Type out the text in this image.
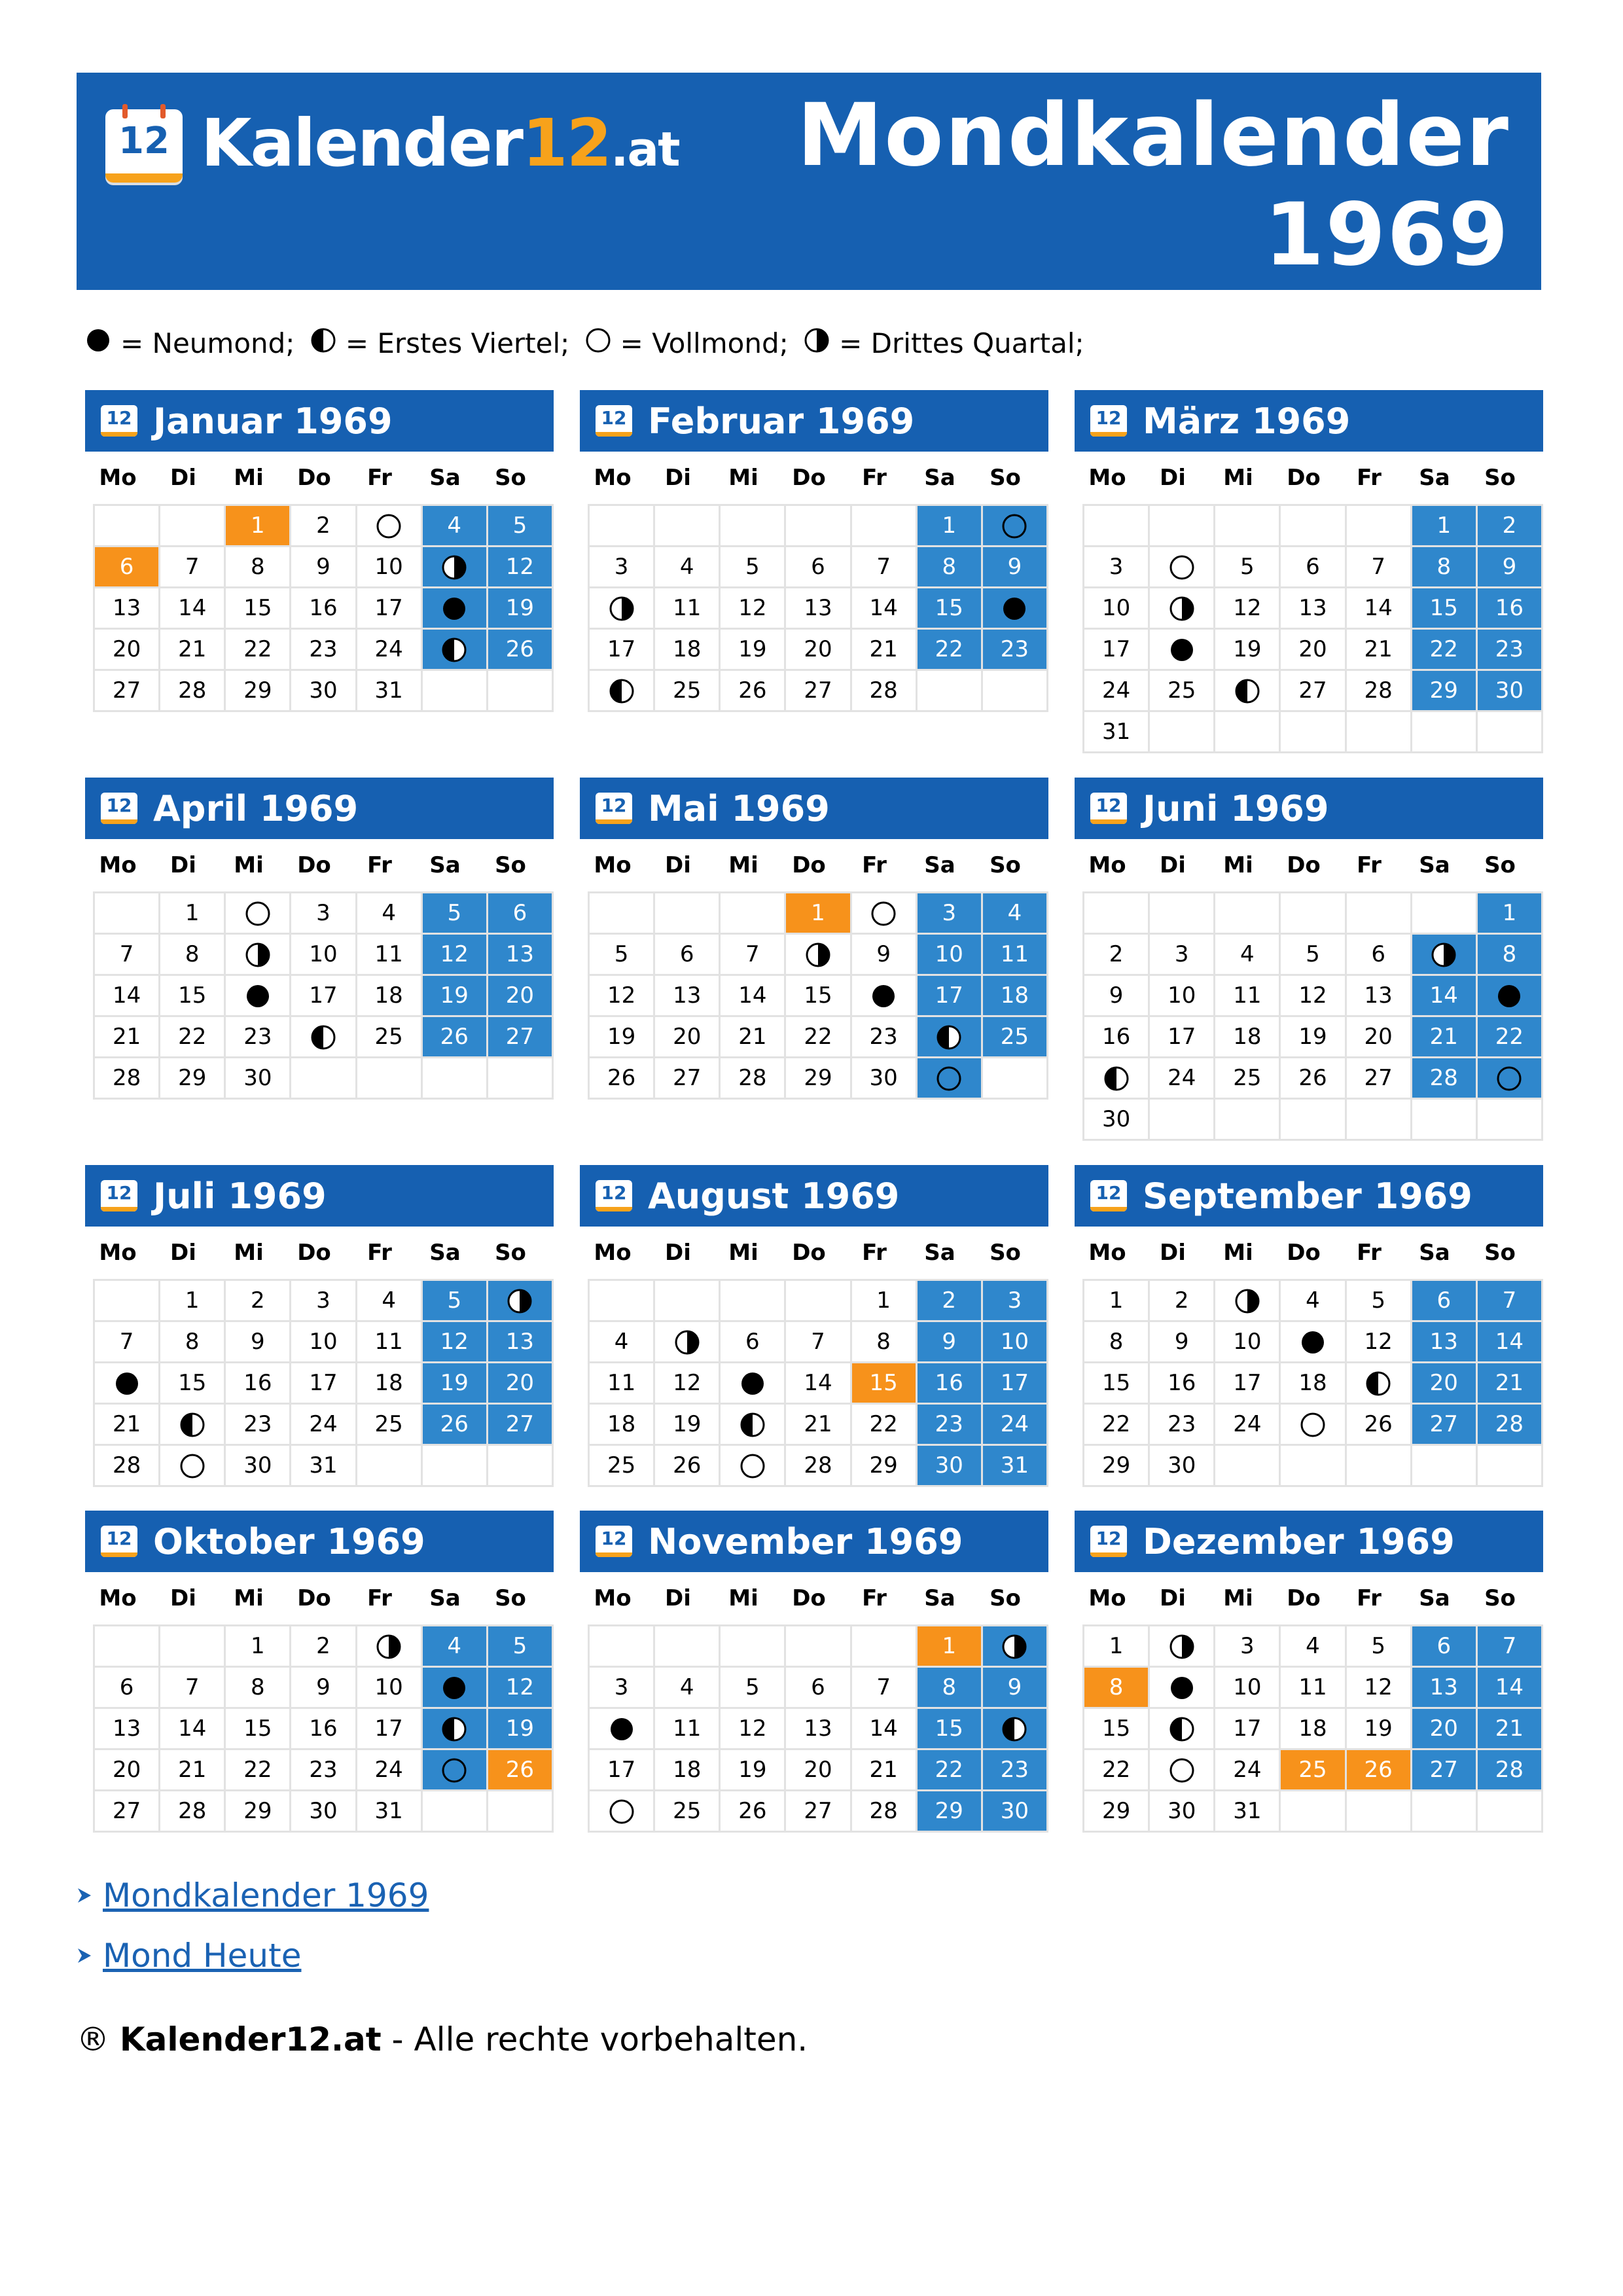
12 Kalender12.at Mondkalender
1969
= Neumond; = Erstes Viertel; = Vollmond; = Drittes Quartal;
12 Januar 1969
Mo	Di	Mi	Do	Fr	Sa	So
		1	2		4	5
6	7	8	9	10		12
13	14	15	16	17		19
20	21	22	23	24		26
27	28	29	30	31		
12 Februar 1969
Mo	Di	Mi	Do	Fr	Sa	So
					1	
3	4	5	6	7	8	9
	11	12	13	14	15	
17	18	19	20	21	22	23
	25	26	27	28		
12 März 1969
Mo	Di	Mi	Do	Fr	Sa	So
					1	2
3		5	6	7	8	9
10		12	13	14	15	16
17		19	20	21	22	23
24	25		27	28	29	30
31						
12 April 1969
Mo	Di	Mi	Do	Fr	Sa	So
	1		3	4	5	6
7	8		10	11	12	13
14	15		17	18	19	20
21	22	23		25	26	27
28	29	30				
12 Mai 1969
Mo	Di	Mi	Do	Fr	Sa	So
			1		3	4
5	6	7		9	10	11
12	13	14	15		17	18
19	20	21	22	23		25
26	27	28	29	30		
12 Juni 1969
Mo	Di	Mi	Do	Fr	Sa	So
						1
2	3	4	5	6		8
9	10	11	12	13	14	
16	17	18	19	20	21	22
	24	25	26	27	28	
30						
12 Juli 1969
Mo	Di	Mi	Do	Fr	Sa	So
	1	2	3	4	5	
7	8	9	10	11	12	13
	15	16	17	18	19	20
21		23	24	25	26	27
28		30	31			
12 August 1969
Mo	Di	Mi	Do	Fr	Sa	So
				1	2	3
4		6	7	8	9	10
11	12		14	15	16	17
18	19		21	22	23	24
25	26		28	29	30	31
12 September 1969
Mo	Di	Mi	Do	Fr	Sa	So
1	2		4	5	6	7
8	9	10		12	13	14
15	16	17	18		20	21
22	23	24		26	27	28
29	30					
12 Oktober 1969
Mo	Di	Mi	Do	Fr	Sa	So
		1	2		4	5
6	7	8	9	10		12
13	14	15	16	17		19
20	21	22	23	24		26
27	28	29	30	31		
12 November 1969
Mo	Di	Mi	Do	Fr	Sa	So
					1	
3	4	5	6	7	8	9
	11	12	13	14	15	
17	18	19	20	21	22	23
	25	26	27	28	29	30
12 Dezember 1969
Mo	Di	Mi	Do	Fr	Sa	So
1		3	4	5	6	7
8		10	11	12	13	14
15		17	18	19	20	21
22		24	25	26	27	28
29	30	31				
Mondkalender 1969
Mond Heute
® Kalender12.at - Alle rechte vorbehalten.
